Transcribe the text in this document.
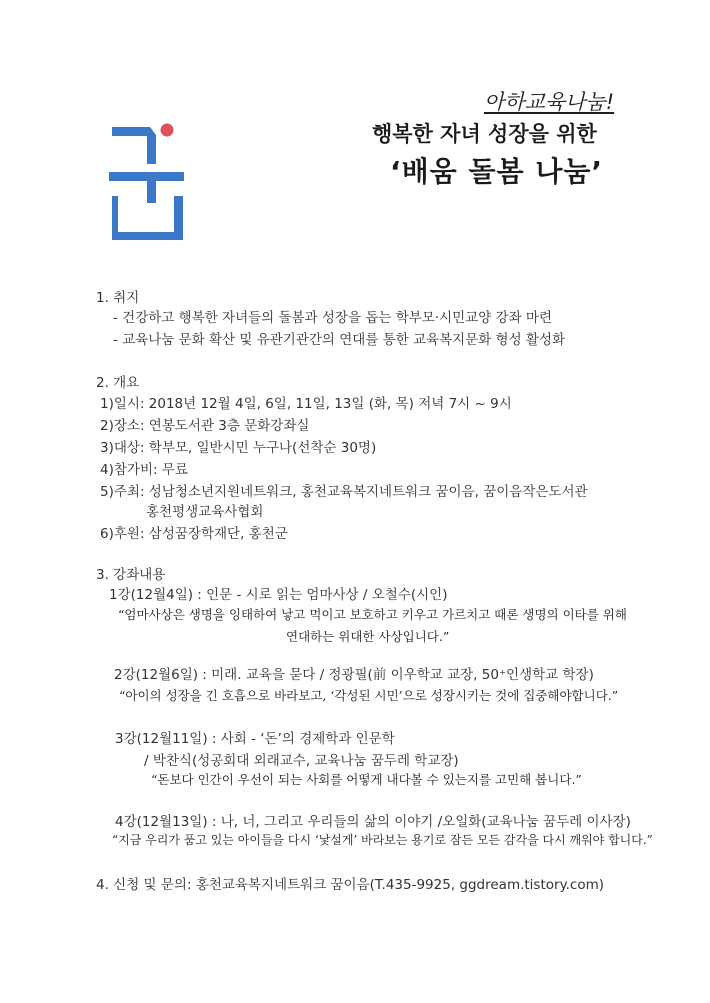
아하교육나눔!
행복한 자녀 성장을 위한
‘배움 돌봄 나눔’
1. 취지
- 건강하고 행복한 자녀들의 돌봄과 성장을 돕는 학부모·시민교양 강좌 마련
- 교육나눔 문화 확산 및 유관기관간의 연대를 통한 교육복지문화 형성 활성화
2. 개요
1)일시: 2018년 12월 4일, 6일, 11일, 13일 (화, 목) 저녁 7시 ~ 9시
2)장소: 연봉도서관 3층 문화강좌실
3)대상: 학부모, 일반시민 누구나(선착순 30명)
4)참가비: 무료
5)주최: 성남청소년지원네트워크, 홍천교육복지네트워크 꿈이음, 꿈이음작은도서관
홍천평생교육사협회
6)후원: 삼성꿈장학재단, 홍천군
3. 강좌내용
1강(12월4일) : 인문 - 시로 읽는 엄마사상 / 오철수(시인)
“엄마사상은 생명을 잉태하여 낳고 먹이고 보호하고 키우고 가르치고 때론 생명의 이타를 위해
연대하는 위대한 사상입니다.”
2강(12월6일) : 미래. 교육을 묻다 / 정광필(前 이우학교 교장, 50⁺인생학교 학장)
“아이의 성장을 긴 호흡으로 바라보고, ‘각성된 시민’으로 성장시키는 것에 집중해야합니다.”
3강(12월11일) : 사회 - ‘돈’의 경제학과 인문학
/ 박찬식(성공회대 외래교수, 교육나눔 꿈두레 학교장)
“돈보다 인간이 우선이 되는 사회를 어떻게 내다볼 수 있는지를 고민해 봅니다.”
4강(12월13일) : 나, 너, 그리고 우리들의 삶의 이야기 /오일화(교육나눔 꿈두레 이사장)
“지금 우리가 품고 있는 아이들을 다시 ‘낯설게’ 바라보는 용기로 잠든 모든 감각을 다시 깨워야 합니다.”
4. 신청 및 문의: 홍천교육복지네트워크 꿈이음(T.435-9925, ggdream.tistory.com)
